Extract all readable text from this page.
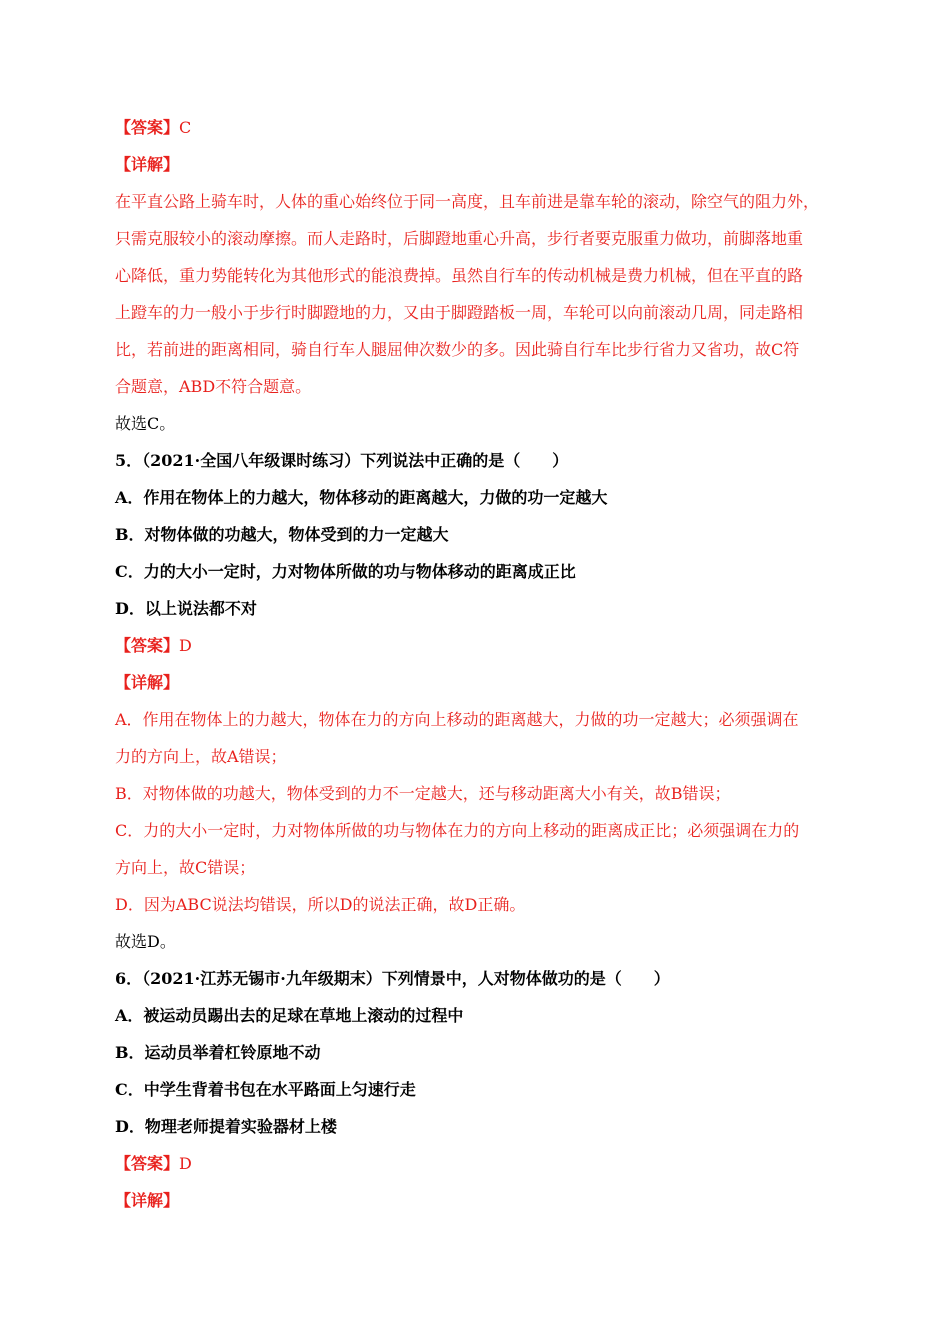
【答案】C
【详解】
在平直公路上骑车时，人体的重心始终位于同一高度，且车前进是靠车轮的滚动，除空气的阻力外，
只需克服较小的滚动摩擦。而人走路时，后脚蹬地重心升高，步行者要克服重力做功，前脚落地重
心降低，重力势能转化为其他形式的能浪费掉。虽然自行车的传动机械是费力机械，但在平直的路
上蹬车的力一般小于步行时脚蹬地的力，又由于脚蹬踏板一周，车轮可以向前滚动几周，同走路相
比，若前进的距离相同，骑自行车人腿屈伸次数少的多。因此骑自行车比步行省力又省功，故C符
合题意，ABD不符合题意。
故选C。
5．（2021·全国八年级课时练习）下列说法中正确的是（　　）
A．作用在物体上的力越大，物体移动的距离越大，力做的功一定越大
B．对物体做的功越大，物体受到的力一定越大
C．力的大小一定时，力对物体所做的功与物体移动的距离成正比
D．以上说法都不对
【答案】D
【详解】
A．作用在物体上的力越大，物体在力的方向上移动的距离越大，力做的功一定越大；必须强调在
力的方向上，故A错误；
B．对物体做的功越大，物体受到的力不一定越大，还与移动距离大小有关，故B错误；
C．力的大小一定时，力对物体所做的功与物体在力的方向上移动的距离成正比；必须强调在力的
方向上，故C错误；
D．因为ABC说法均错误，所以D的说法正确，故D正确。
故选D。
6．（2021·江苏无锡市·九年级期末）下列情景中，人对物体做功的是（　　）
A．被运动员踢出去的足球在草地上滚动的过程中
B．运动员举着杠铃原地不动
C．中学生背着书包在水平路面上匀速行走
D．物理老师提着实验器材上楼
【答案】D
【详解】
